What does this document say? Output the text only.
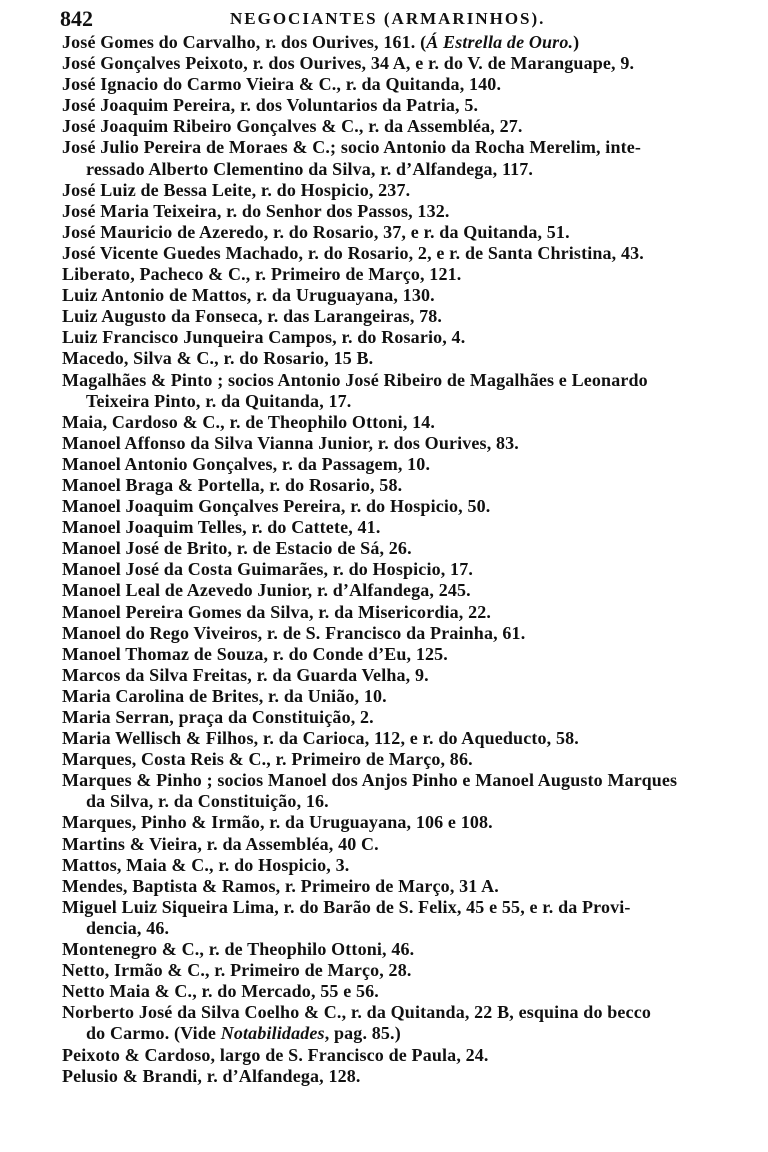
842	NEGOCIANTES (ARMARINHOS).
José Gomes do Carvalho, r. dos Ourives, 161. (Á Estrella de Ouro.)
José Gonçalves Peixoto, r. dos Ourives, 34 A, e r. do V. de Maranguape, 9.
José Ignacio do Carmo Vieira & C., r. da Quitanda, 140.
José Joaquim Pereira, r. dos Voluntarios da Patria, 5.
José Joaquim Ribeiro Gonçalves & C., r. da Assembléa, 27.
José Julio Pereira de Moraes & C.; socio Antonio da Rocha Merelim, inte-
ressado Alberto Clementino da Silva, r. d’Alfandega, 117.
José Luiz de Bessa Leite, r. do Hospicio, 237.
José Maria Teixeira, r. do Senhor dos Passos, 132.
José Mauricio de Azeredo, r. do Rosario, 37, e r. da Quitanda, 51.
José Vicente Guedes Machado, r. do Rosario, 2, e r. de Santa Christina, 43.
Liberato, Pacheco & C., r. Primeiro de Março, 121.
Luiz Antonio de Mattos, r. da Uruguayana, 130.
Luiz Augusto da Fonseca, r. das Larangeiras, 78.
Luiz Francisco Junqueira Campos, r. do Rosario, 4.
Macedo, Silva & C., r. do Rosario, 15 B.
Magalhães & Pinto ; socios Antonio José Ribeiro de Magalhães e Leonardo
Teixeira Pinto, r. da Quitanda, 17.
Maia, Cardoso & C., r. de Theophilo Ottoni, 14.
Manoel Affonso da Silva Vianna Junior, r. dos Ourives, 83.
Manoel Antonio Gonçalves, r. da Passagem, 10.
Manoel Braga & Portella, r. do Rosario, 58.
Manoel Joaquim Gonçalves Pereira, r. do Hospicio, 50.
Manoel Joaquim Telles, r. do Cattete, 41.
Manoel José de Brito, r. de Estacio de Sá, 26.
Manoel José da Costa Guimarães, r. do Hospicio, 17.
Manoel Leal de Azevedo Junior, r. d’Alfandega, 245.
Manoel Pereira Gomes da Silva, r. da Misericordia, 22.
Manoel do Rego Viveiros, r. de S. Francisco da Prainha, 61.
Manoel Thomaz de Souza, r. do Conde d’Eu, 125.
Marcos da Silva Freitas, r. da Guarda Velha, 9.
Maria Carolina de Brites, r. da União, 10.
Maria Serran, praça da Constituição, 2.
Maria Wellisch & Filhos, r. da Carioca, 112, e r. do Aqueducto, 58.
Marques, Costa Reis & C., r. Primeiro de Março, 86.
Marques & Pinho ; socios Manoel dos Anjos Pinho e Manoel Augusto Marques
da Silva, r. da Constituição, 16.
Marques, Pinho & Irmão, r. da Uruguayana, 106 e 108.
Martins & Vieira, r. da Assembléa, 40 C.
Mattos, Maia & C., r. do Hospicio, 3.
Mendes, Baptista & Ramos, r. Primeiro de Março, 31 A.
Miguel Luiz Siqueira Lima, r. do Barão de S. Felix, 45 e 55, e r. da Provi-
dencia, 46.
Montenegro & C., r. de Theophilo Ottoni, 46.
Netto, Irmão & C., r. Primeiro de Março, 28.
Netto Maia & C., r. do Mercado, 55 e 56.
Norberto José da Silva Coelho & C., r. da Quitanda, 22 B, esquina do becco
do Carmo. (Vide Notabilidades, pag. 85.)
Peixoto & Cardoso, largo de S. Francisco de Paula, 24.
Pelusio & Brandi, r. d’Alfandega, 128.
